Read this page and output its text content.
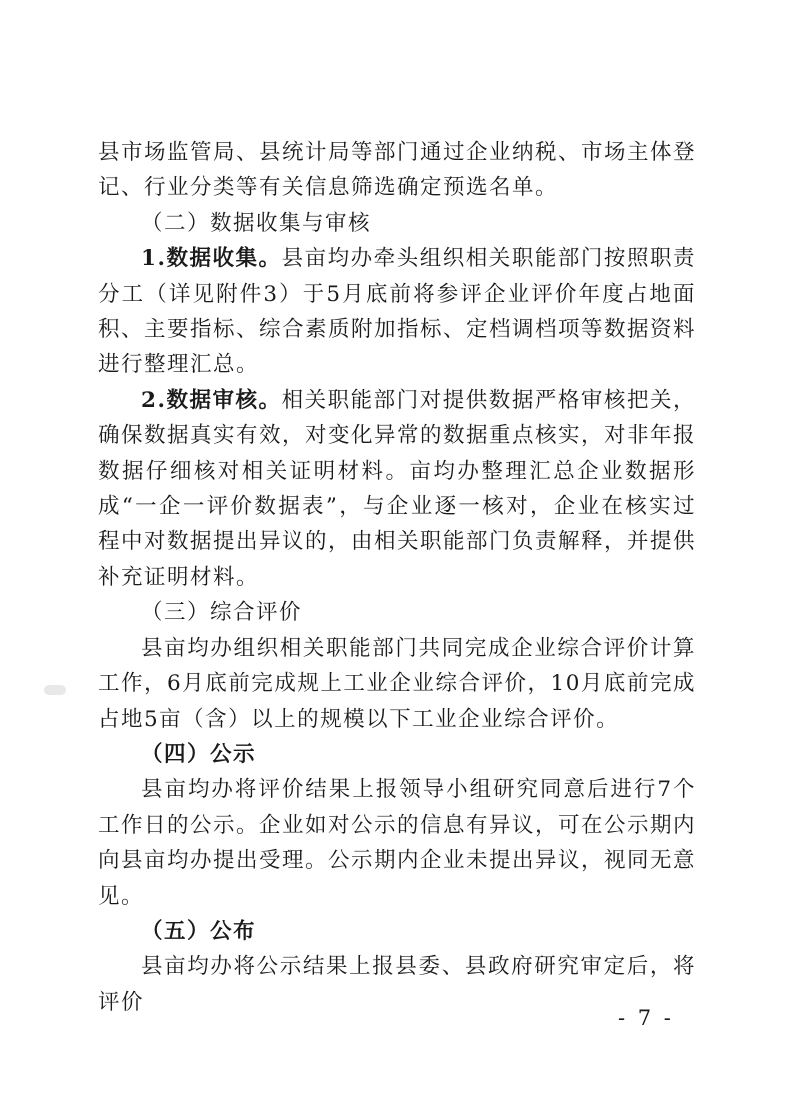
县市场监管局、县统计局等部门通过企业纳税、市场主体登记、行业分类等有关信息筛选确定预选名单。

（二）数据收集与审核

1.数据收集。县亩均办牵头组织相关职能部门按照职责分工（详见附件3）于5月底前将参评企业评价年度占地面积、主要指标、综合素质附加指标、定档调档项等数据资料进行整理汇总。

2.数据审核。相关职能部门对提供数据严格审核把关，确保数据真实有效，对变化异常的数据重点核实，对非年报数据仔细核对相关证明材料。亩均办整理汇总企业数据形成“一企一评价数据表”，与企业逐一核对，企业在核实过程中对数据提出异议的，由相关职能部门负责解释，并提供补充证明材料。

（三）综合评价

县亩均办组织相关职能部门共同完成企业综合评价计算工作，6月底前完成规上工业企业综合评价，10月底前完成占地5亩（含）以上的规模以下工业企业综合评价。

（四）公示

县亩均办将评价结果上报领导小组研究同意后进行7个工作日的公示。企业如对公示的信息有异议，可在公示期内向县亩均办提出受理。公示期内企业未提出异议，视同无意见。

（五）公布

县亩均办将公示结果上报县委、县政府研究审定后，将评价

- 7 -
